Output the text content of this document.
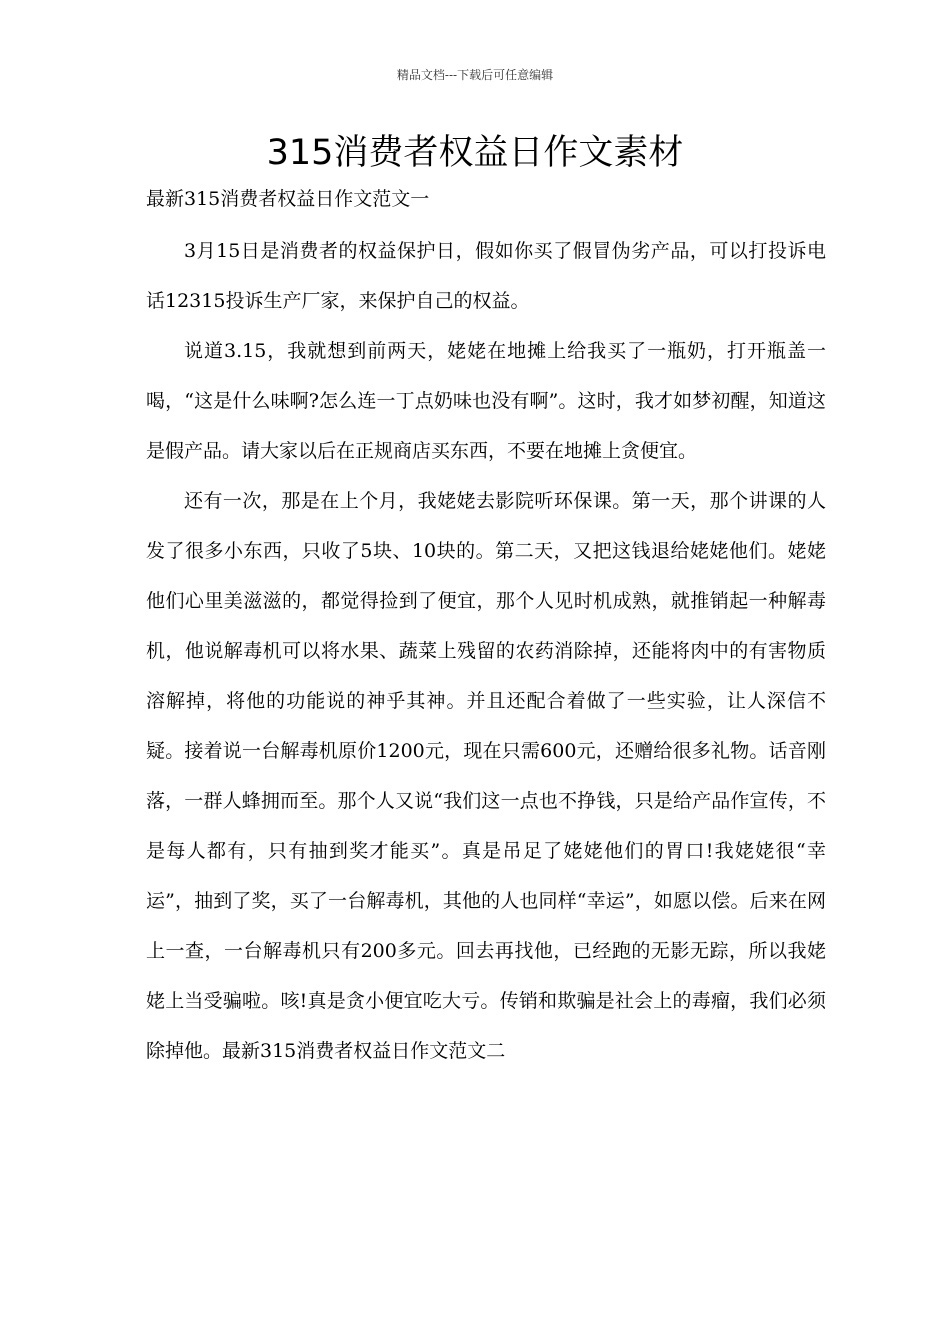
精品文档---下载后可任意编辑
315消费者权益日作文素材
最新315消费者权益日作文范文一

3月15日是消费者的权益保护日，假如你买了假冒伪劣产品，可以打投诉电话12315投诉生产厂家，来保护自己的权益。

说道3.15，我就想到前两天，姥姥在地摊上给我买了一瓶奶，打开瓶盖一喝，“这是什么味啊?怎么连一丁点奶味也没有啊”。这时，我才如梦初醒，知道这是假产品。请大家以后在正规商店买东西，不要在地摊上贪便宜。

还有一次，那是在上个月，我姥姥去影院听环保课。第一天，那个讲课的人发了很多小东西，只收了5块、10块的。第二天，又把这钱退给姥姥他们。姥姥他们心里美滋滋的，都觉得捡到了便宜，那个人见时机成熟，就推销起一种解毒机，他说解毒机可以将水果、蔬菜上残留的农药消除掉，还能将肉中的有害物质溶解掉，将他的功能说的神乎其神。并且还配合着做了一些实验，让人深信不疑。接着说一台解毒机原价1200元，现在只需600元，还赠给很多礼物。话音刚落，一群人蜂拥而至。那个人又说“我们这一点也不挣钱，只是给产品作宣传，不是每人都有，只有抽到奖才能买”。真是吊足了姥姥他们的胃口!我姥姥很“幸运”，抽到了奖，买了一台解毒机，其他的人也同样“幸运”，如愿以偿。后来在网上一查，一台解毒机只有200多元。回去再找他，已经跑的无影无踪，所以我姥姥上当受骗啦。咳!真是贪小便宜吃大亏。传销和欺骗是社会上的毒瘤，我们必须除掉他。最新315消费者权益日作文范文二
